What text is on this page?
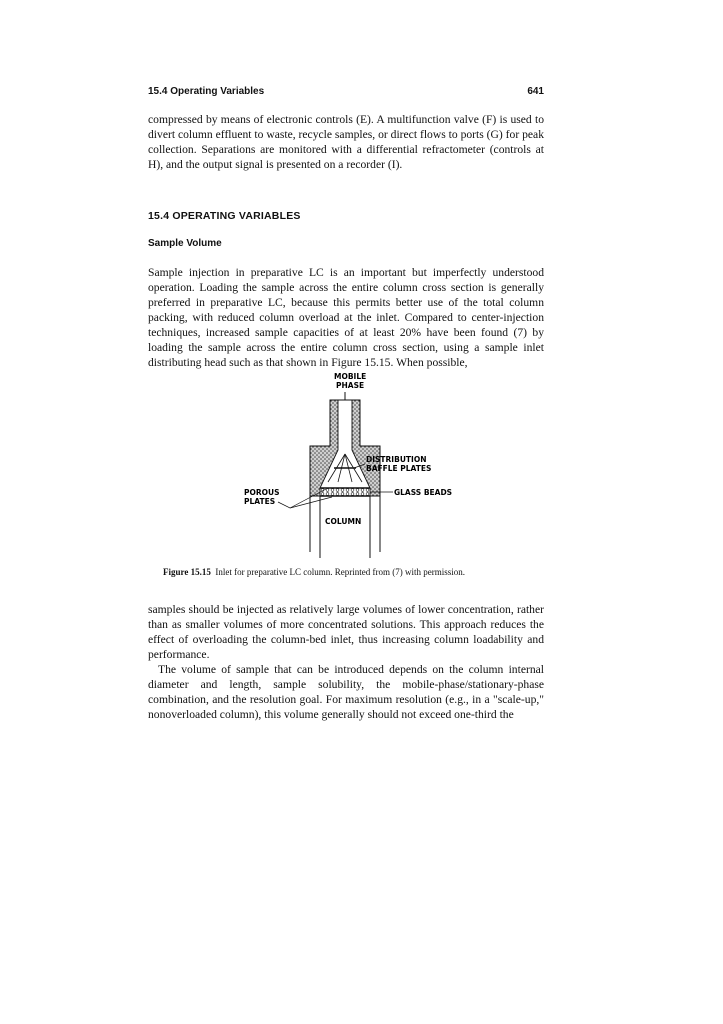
15.4 Operating Variables	641

compressed by means of electronic controls (E). A multifunction valve (F) is used to divert column effluent to waste, recycle samples, or direct flows to ports (G) for peak collection. Separations are monitored with a differential refractometer (controls at H), and the output signal is presented on a recorder (I).

15.4 OPERATING VARIABLES
Sample Volume

Sample injection in preparative LC is an important but imperfectly understood operation. Loading the sample across the entire column cross section is generally preferred in preparative LC, because this permits better use of the total column packing, with reduced column overload at the inlet. Compared to center-injection techniques, increased sample capacities of at least 20% have been found (7) by loading the sample across the entire column cross section, using a sample inlet distributing head such as that shown in Figure 15.15. When possible,

MOBILE
PHASE
COLUMN
DISTRIBUTION
BAFFLE PLATES
GLASS BEADS
POROUS
PLATES
Figure 15.15 Inlet for preparative LC column. Reprinted from (7) with permission.

samples should be injected as relatively large volumes of lower concentration, rather than as smaller volumes of more concentrated solutions. This approach reduces the effect of overloading the column-bed inlet, thus increasing column loadability and performance.

The volume of sample that can be introduced depends on the column internal diameter and length, sample solubility, the mobile-phase/stationary-phase combination, and the resolution goal. For maximum resolution (e.g., in a "scale-up," nonoverloaded column), this volume generally should not exceed one-third the
